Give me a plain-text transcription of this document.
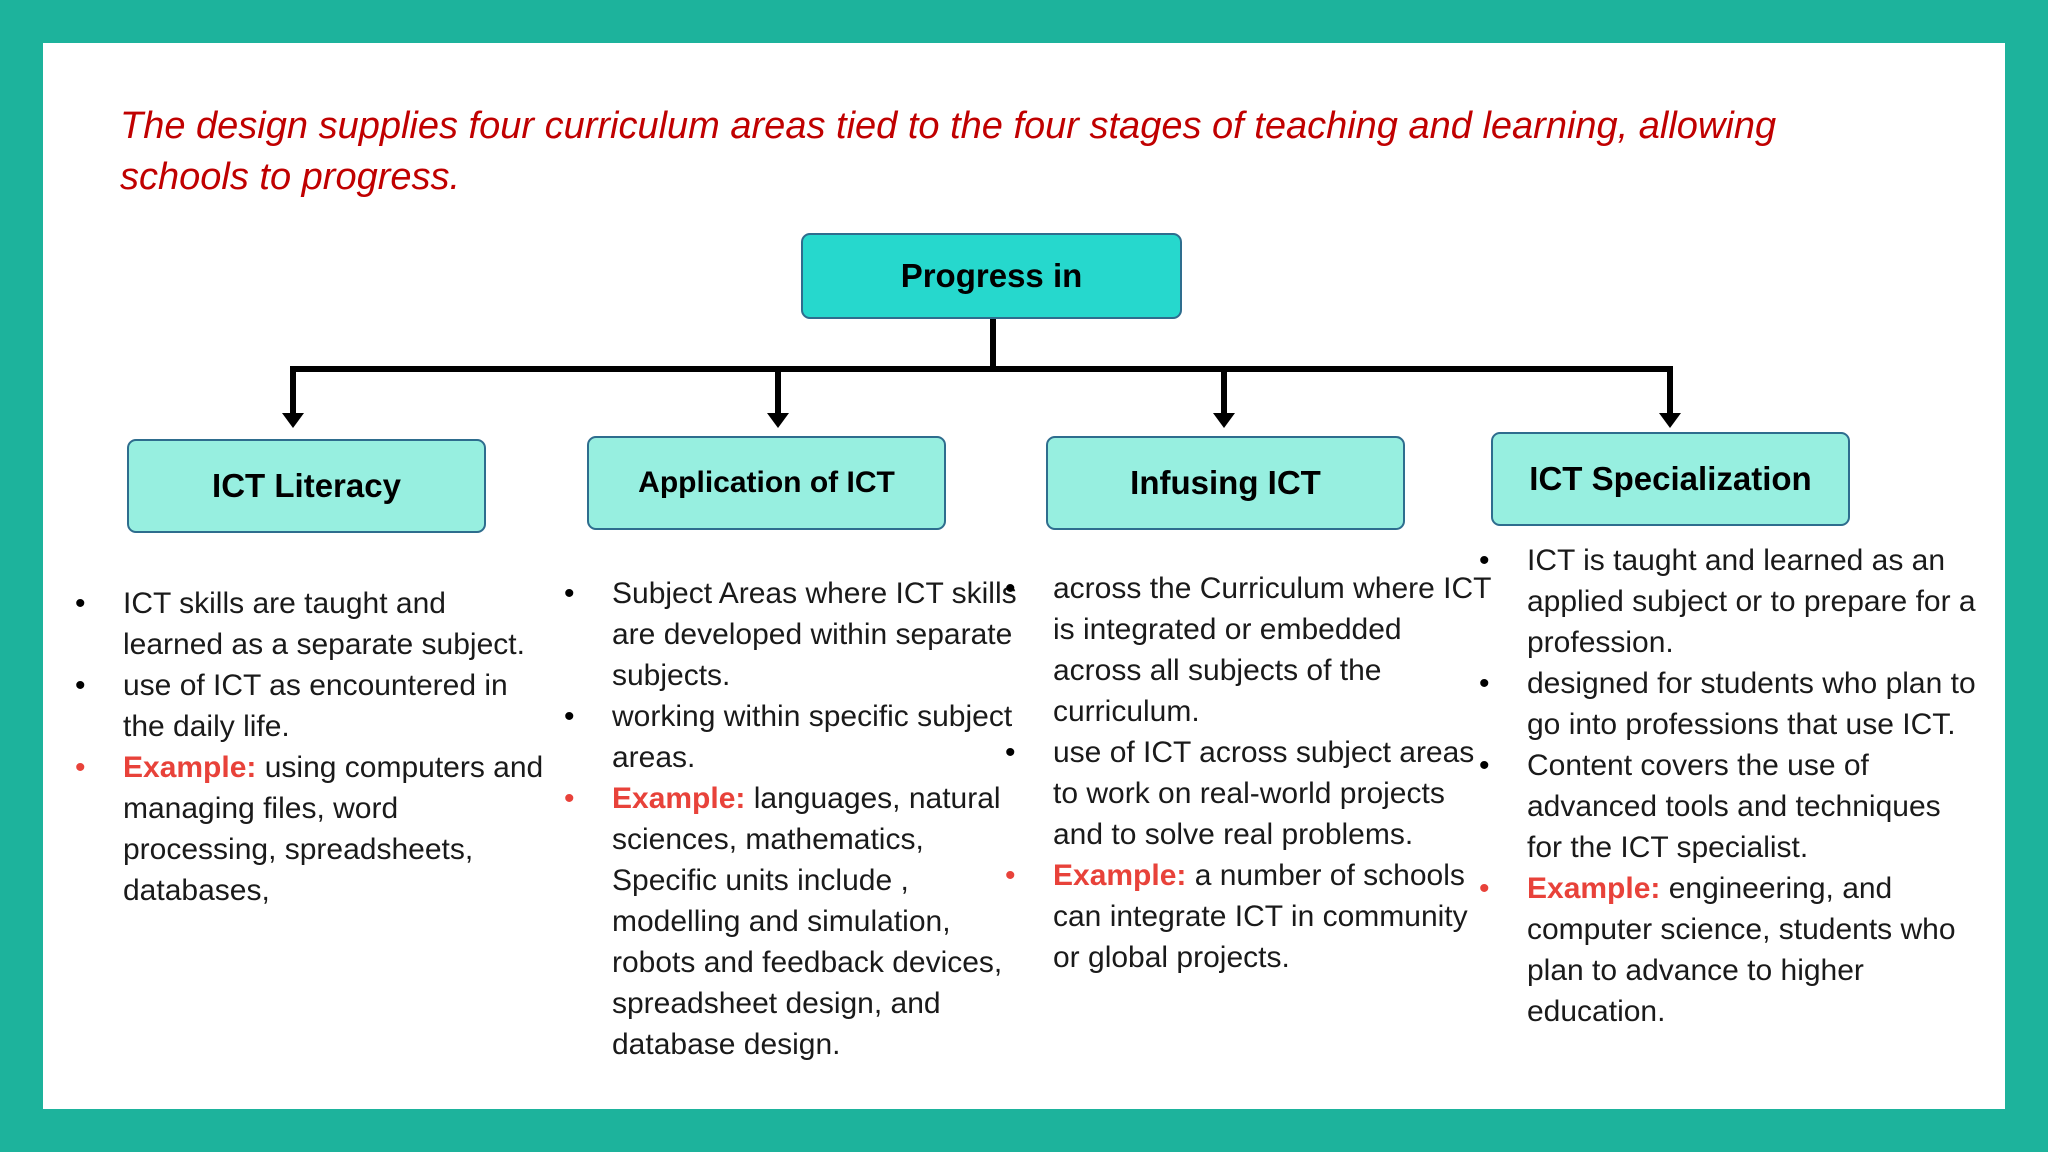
The design supplies four curriculum areas tied to the four stages of teaching and learning, allowing schools to progress.

Progress in
ICT Literacy	Application of ICT	Infusing ICT	ICT Specialization
• ICT skills are taught and learned as a separate subject.
• use of ICT as encountered in the daily life.
• Example: using computers and managing files, word processing, spreadsheets, databases,
• Subject Areas where ICT skills are developed within separate subjects.
• working within specific subject areas.
• Example: languages, natural sciences, mathematics, Specific units include , modelling and simulation, robots and feedback devices, spreadsheet design, and database design.
• across the Curriculum where ICT is integrated or embedded across all subjects of the curriculum.
• use of ICT across subject areas to work on real-world projects and to solve real problems.
• Example: a number of schools can integrate ICT in community or global projects.
• ICT is taught and learned as an applied subject or to prepare for a profession.
• designed for students who plan to go into professions that use ICT.
• Content covers the use of advanced tools and techniques for the ICT specialist.
• Example: engineering, and computer science, students who plan to advance to higher education.
